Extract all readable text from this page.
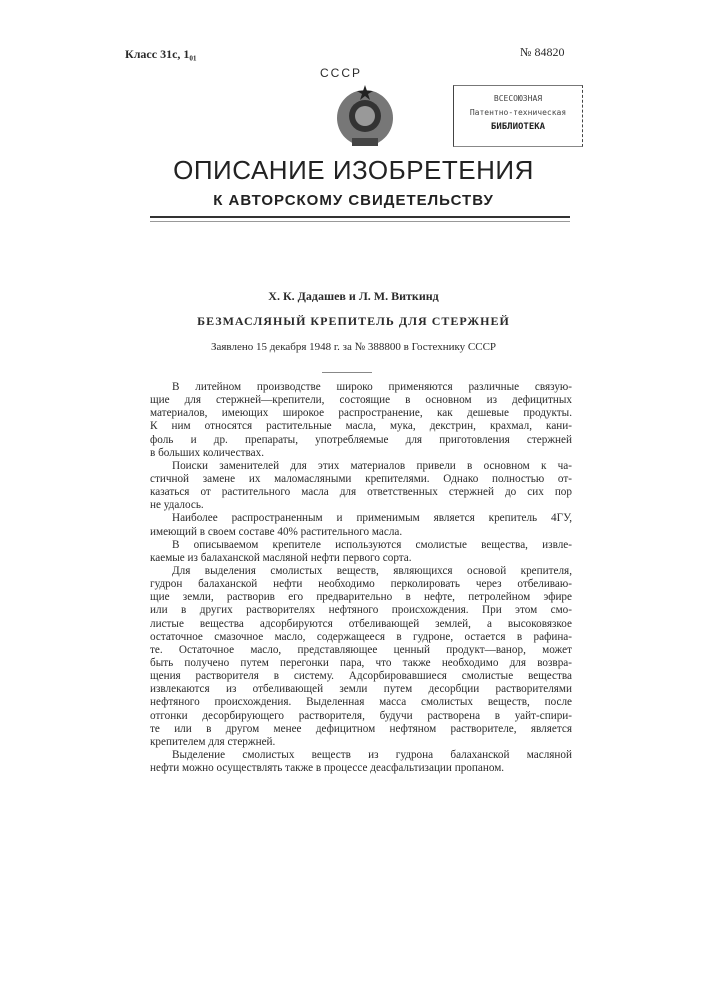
Класс 31с, 1₀₁	№ 84820
СССР
ВСЕСОЮЗНАЯ
Патентно-техническая
БИБЛИОТЕКА
ОПИСАНИЕ ИЗОБРЕТЕНИЯ
К АВТОРСКОМУ СВИДЕТЕЛЬСТВУ
Х. К. Дадашев и Л. М. Виткинд
БЕЗМАСЛЯНЫЙ КРЕПИТЕЛЬ ДЛЯ СТЕРЖНЕЙ
Заявлено 15 декабря 1948 г. за № 388800 в Гостехнику СССР
В литейном производстве широко применяются различные связую-
щие для стержней—крепители, состоящие в основном из дефицитных
материалов, имеющих широкое распространение, как дешевые продукты.
К ним относятся растительные масла, мука, декстрин, крахмал, кани-
фоль и др. препараты, употребляемые для приготовления стержней
в больших количествах.
Поиски заменителей для этих материалов привели в основном к ча-
стичной замене их маломасляными крепителями. Однако полностью от-
казаться от растительного масла для ответственных стержней до сих пор
не удалось.
Наиболее распространенным и применимым является крепитель 4ГУ,
имеющий в своем составе 40% растительного масла.
В описываемом крепителе используются смолистые вещества, извле-
каемые из балаханской масляной нефти первого сорта.
Для выделения смолистых веществ, являющихся основой крепителя,
гудрон балаханской нефти необходимо перколировать через отбеливаю-
щие земли, растворив его предварительно в нефте, петролейном эфире
или в других растворителях нефтяного происхождения. При этом смо-
листые вещества адсорбируются отбеливающей землей, а высоковязкое
остаточное смазочное масло, содержащееся в гудроне, остается в рафина-
те. Остаточное масло, представляющее ценный продукт—ванор, может
быть получено путем перегонки пара, что также необходимо для возвра-
щения растворителя в систему. Адсорбировавшиеся смолистые вещества
извлекаются из отбеливающей земли путем десорбции растворителями
нефтяного происхождения. Выделенная масса смолистых веществ, после
отгонки десорбирующего растворителя, будучи растворена в уайт-спири-
те или в другом менее дефицитном нефтяном растворителе, является
крепителем для стержней.
Выделение смолистых веществ из гудрона балаханской масляной
нефти можно осуществлять также в процессе деасфальтизации пропаном.
